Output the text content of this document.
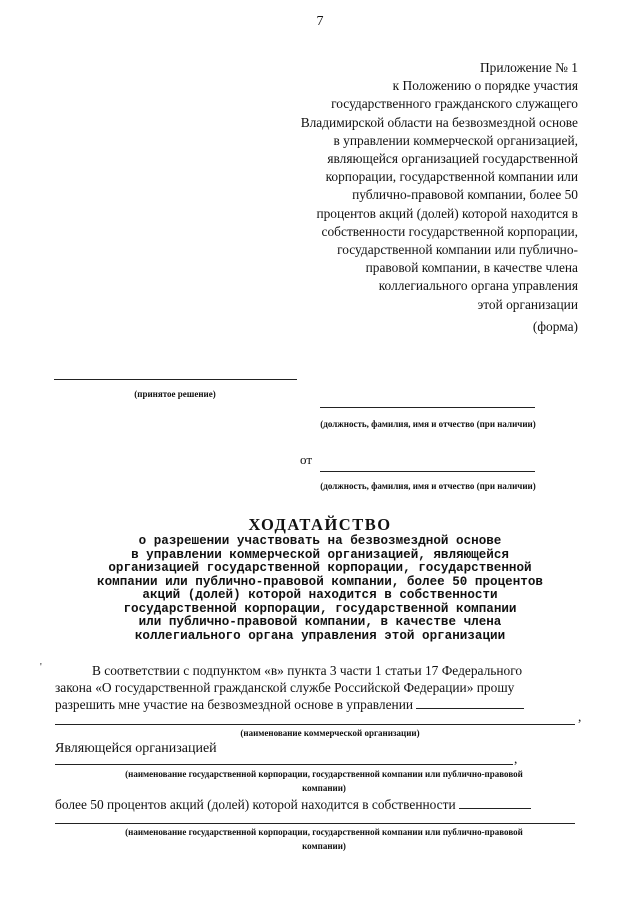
7
Приложение № 1
к Положению о порядке участия
государственного гражданского служащего
Владимирской области на безвозмездной основе
в управлении коммерческой организацией,
являющейся организацией государственной
корпорации, государственной компании или
публично-правовой компании, более 50
процентов акций (долей) которой находится в
собственности государственной корпорации,
государственной компании или публично-
правовой компании, в качестве члена
коллегиального органа управления
этой организации
(форма)
(принятое решение)
(должность, фамилия, имя и отчество (при наличии)
от
(должность, фамилия, имя и отчество (при наличии)
ХОДАТАЙСТВО
о разрешении участвовать на безвозмездной основе
в управлении коммерческой организацией, являющейся
организацией государственной корпорации, государственной
компании или публично-правовой компании, более 50 процентов
акций (долей) которой находится в собственности
государственной корпорации, государственной компании
или публично-правовой компании, в качестве члена
коллегиального органа управления этой организации
'	В соответствии с подпунктом «в» пункта 3 части 1 статьи 17 Федерального
закона «О государственной гражданской службе Российской Федерации» прошу
разрешить мне участие на безвозмездной основе в управлении
,
(наименование коммерческой организации)
Являющейся организацией
,
(наименование государственной корпорации, государственной компании или публично-правовой
компании)
более 50 процентов акций (долей) которой находится в собственности
(наименование государственной корпорации, государственной компании или публично-правовой
компании)
